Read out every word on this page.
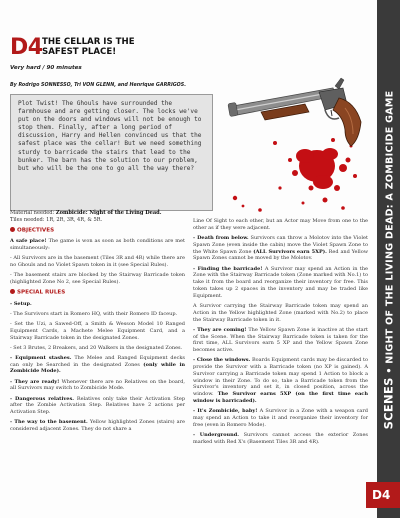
D4 THE CELLAR IS THE
SAFEST PLACE!
Very hard / 90 minutes
By Rodrigo SONNESSO, Tri VON GLENN, and Henrique GARRIGOS.

Plot Twist! The Ghouls have surrounded the farmhouse and are getting closer. The locks we've put on the doors and windows will not be enough to stop them. Finally, after a long period of discussion, Harry and Hellen convinced us that the safest place was the cellar! But we need something sturdy to barricade the stairs that lead to the bunker. The barn has the solution to our problem, but who will be the one to go all the way there?

Material needed: Zombicide: Night of the Living Dead.
Tiles needed: 1R, 2R, 3R, 4R, & 5R.

OBJECTIVES

A safe place! The game is won as soon as both conditions are met simultaneously:

- All Survivors are in the basement (Tiles 3R and 4R) while there are no Ghouls and no Violet Spawn token in it (see Special Rules).

- The basement stairs are blocked by the Stairway Barricade token (highlighted Zone No 2, see Special Rules).

SPECIAL RULES

- Setup.

- The Survivors start in Romero HQ, with their Romero ID faceup.

- Set the Uzi, a Sawed-Off, a Smith & Wesson Model 10 Ranged Equipment Cards, a Machete Melee Equipment Card, and a Stairway Barricade token in the designated Zones.

- Set 3 Brutes, 2 Breakers, and 20 Walkers in the designated Zones.

- Equipment stashes. The Melee and Ranged Equipment decks can only be Searched in the designated Zones (only while in Zombicide Mode).

- They are ready! Whenever there are no Relatives on the board, all Survivors may switch to Zombicide Mode.

- Dangerous relatives. Relatives only take their Activation Step after the Zombie Activation Step. Relatives have 2 actions per Activation Step.

- The way to the basement. Yellow highlighted Zones (stairs) are considered adjacent Zones. They do not share a

Line Of Sight to each other, but an Actor may Move from one to the other as if they were adjacent.

- Death from below. Survivors can throw a Molotov into the Violet Spawn Zone (even inside the cabin) move the Violet Spawn Zone to the White Spawn Zone (ALL Survivors earn 5XP). Red and Yellow Spawn Zones cannot be moved by the Molotov.

- Finding the barricade! A Survivor may spend an Action in the Zone with the Stairway Barricade token (Zone marked with No.1) to take it from the board and reorganize their inventory for free. This token takes up 2 spaces in the inventory and may be traded like Equipment.

A Survivor carrying the Stairway Barricade token may spend an Action in the Yellow highlighted Zone (marked with No.2) to place the Stairway Barricade token in it.

- They are coming! The Yellow Spawn Zone is inactive at the start of the Scene. When the Stairway Barricade token is taken for the first time, ALL Survivors earn 5 XP and the Yellow Spawn Zone becomes active.

- Close the windows. Boards Equipment cards may be discarded to provide the Survivor with a Barricade token (no XP is gained). A Survivor carrying a Barricade token may spend 1 Action to block a window in their Zone. To do so, take a Barricade token from the Survivor's inventory and set it, in closed position, across the window. The Survivor earns 5XP (on the first time each window is barricaded).

- It's Zombicide, baby! A Survivor in a Zone with a weapon card may spend an Action to take it and reorganize their inventory for free (even in Romero Mode).

- Underground. Survivors cannot access the exterior Zones marked with Red X's (Basement Tiles 3R and 4R).

SCENES • NIGHT OF THE LIVING DEAD: A ZOMBICIDE GAME
D4
